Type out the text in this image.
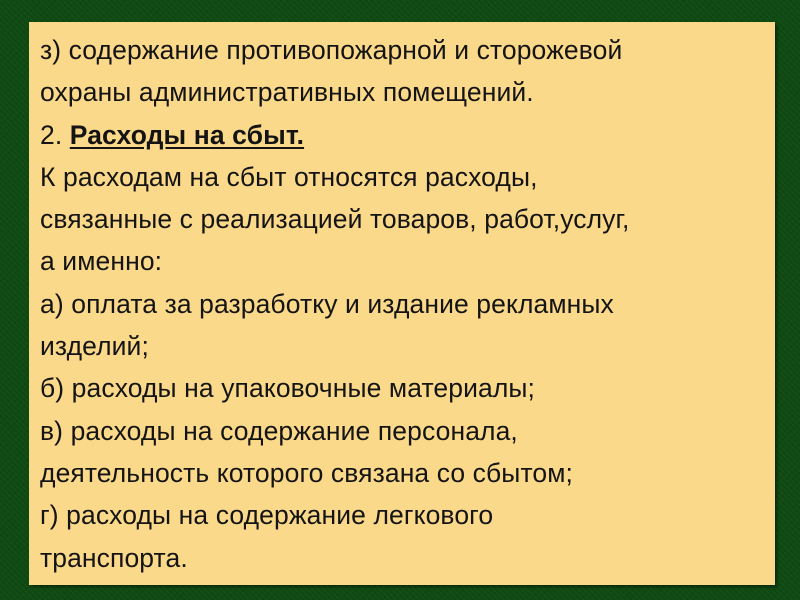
з) содержание противопожарной и сторожевой
охраны административных помещений.
2. Расходы на сбыт.
К расходам на сбыт относятся расходы,
связанные с реализацией товаров, работ,услуг,
а именно:
а) оплата за разработку и издание рекламных
изделий;
б) расходы на упаковочные материалы;
в) расходы на содержание персонала,
деятельность которого связана со сбытом;
г) расходы на содержание легкового
транспорта.
